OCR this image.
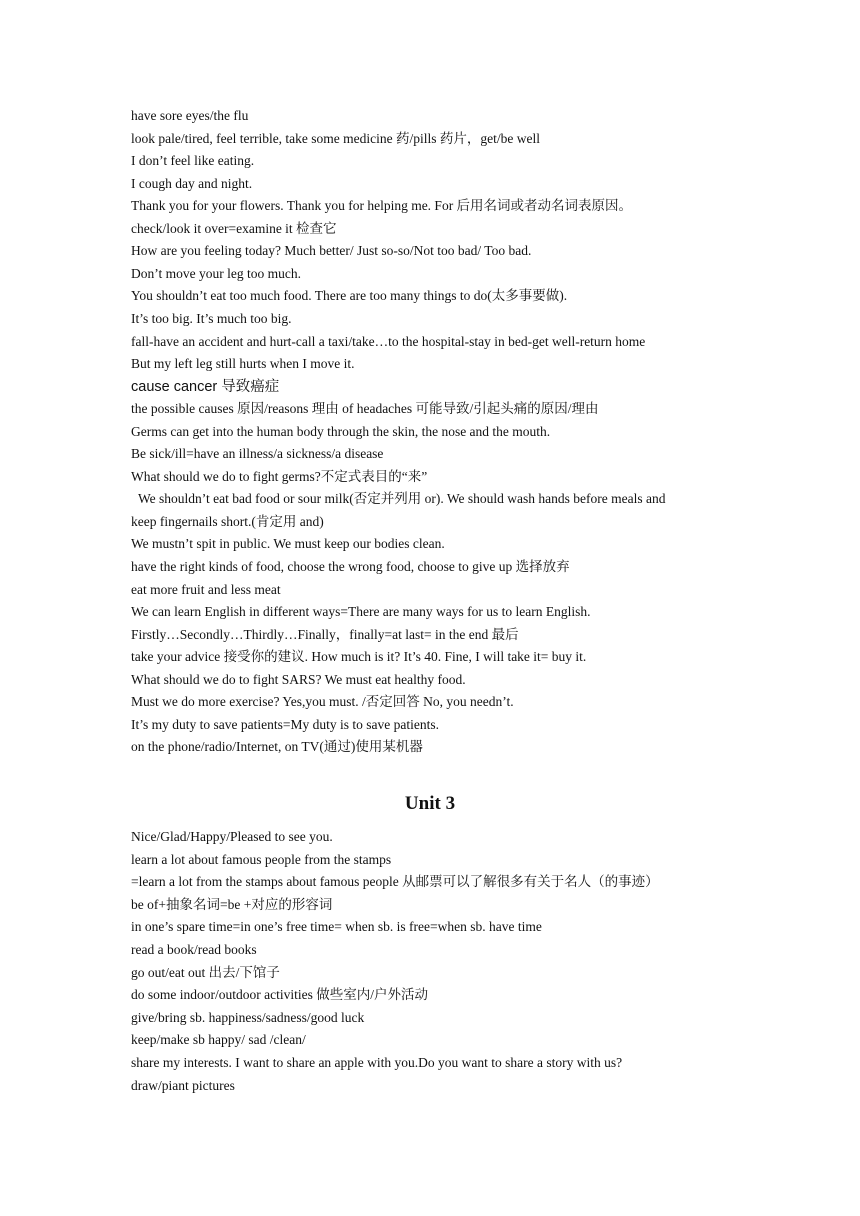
have sore eyes/the flu
look pale/tired, feel terrible, take some medicine 药/pills 药片，get/be well
I don’t feel like eating.
I cough day and night.
Thank you for your flowers. Thank you for helping me. For 后用名词或者动名词表原因。
check/look it over=examine it 检查它
How are you feeling today? Much better/ Just so-so/Not too bad/ Too bad.
Don’t move your leg too much.
You shouldn’t eat too much food. There are too many things to do(太多事要做).
It’s too big. It’s much too big.
fall-have an accident and hurt-call a taxi/take…to the hospital-stay in bed-get well-return home
But my left leg still hurts when I move it.
cause cancer 导致癌症
the possible causes 原因/reasons 理由 of headaches 可能导致/引起头痛的原因/理由
Germs can get into the human body through the skin, the nose and the mouth.
Be sick/ill=have an illness/a sickness/a disease
What should we do to fight germs?不定式表目的“来”
We shouldn’t eat bad food or sour milk(否定并列用 or). We should wash hands before meals and
keep fingernails short.(肯定用 and)
We mustn’t spit in public. We must keep our bodies clean.
have the right kinds of food, choose the wrong food, choose to give up 选择放弃
eat more fruit and less meat
We can learn English in different ways=There are many ways for us to learn English.
Firstly…Secondly…Thirdly…Finally，finally=at last= in the end 最后
take your advice 接受你的建议. How much is it? It’s 40. Fine, I will take it= buy it.
What should we do to fight SARS? We must eat healthy food.
Must we do more exercise? Yes,you must. /否定回答 No, you needn’t.
It’s my duty to save patients=My duty is to save patients.
on the phone/radio/Internet, on TV(通过)使用某机器
Unit 3
Nice/Glad/Happy/Pleased to see you.
learn a lot about famous people from the stamps
=learn a lot from the stamps about famous people 从邮票可以了解很多有关于名人（的事迹）
be of+抽象名词=be +对应的形容词
in one’s spare time=in one’s free time= when sb. is free=when sb. have time
read a book/read books
go out/eat out 出去/下馆子
do some indoor/outdoor activities 做些室内/户外活动
give/bring sb. happiness/sadness/good luck
keep/make sb happy/ sad /clean/
share my interests. I want to share an apple with you.Do you want to share a story with us?
draw/piant pictures
